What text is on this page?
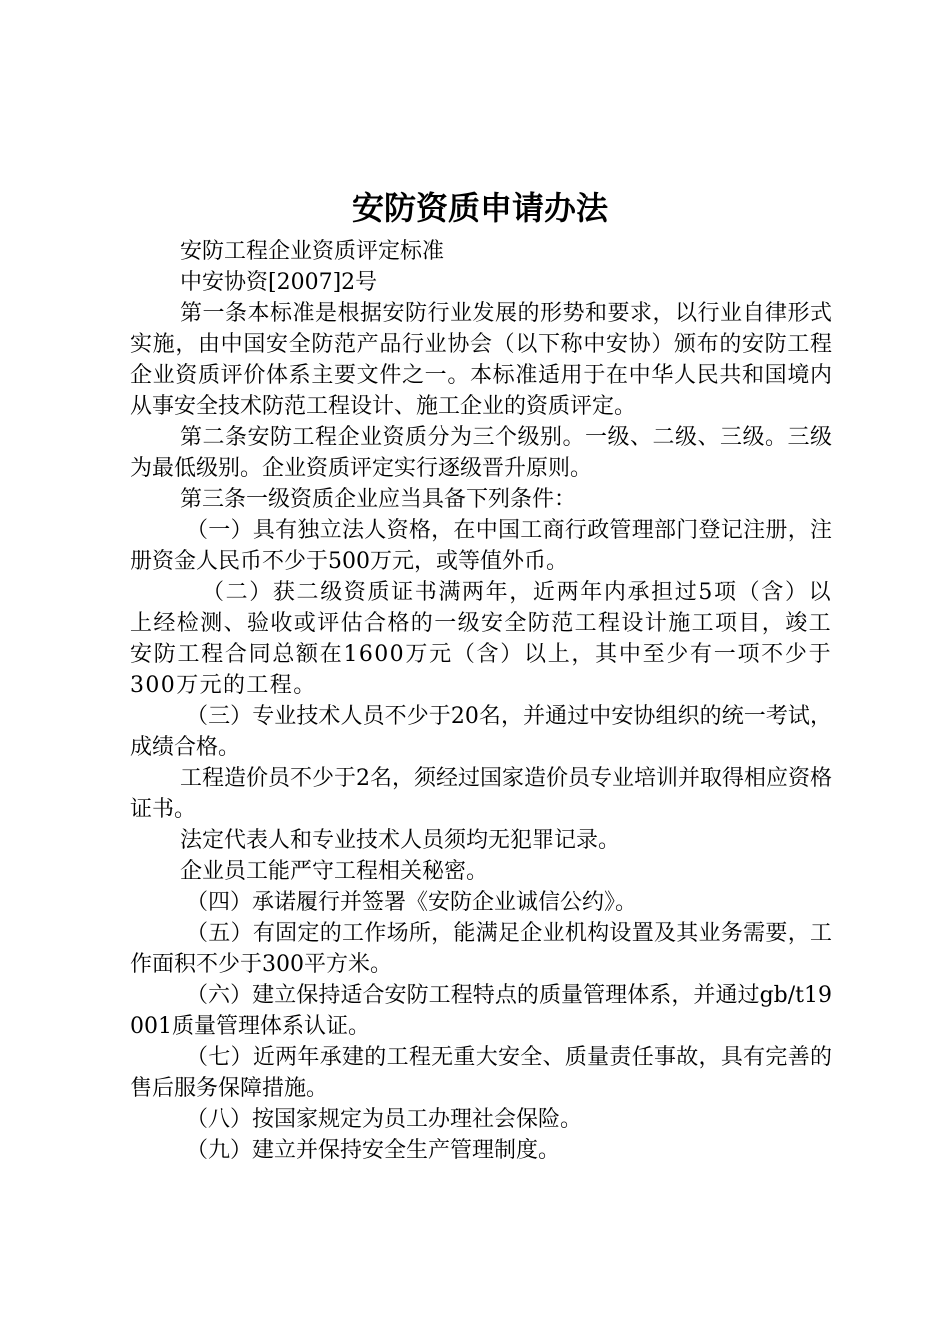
安防资质申请办法

安防工程企业资质评定标准

中安协资[2007]2号

第一条本标准是根据安防行业发展的形势和要求，以行业自律形式实施，由中国安全防范产品行业协会（以下称中安协）颁布的安防工程企业资质评价体系主要文件之一。本标准适用于在中华人民共和国境内从事安全技术防范工程设计、施工企业的资质评定。

第二条安防工程企业资质分为三个级别。一级、二级、三级。三级为最低级别。企业资质评定实行逐级晋升原则。

第三条一级资质企业应当具备下列条件：

（一）具有独立法人资格，在中国工商行政管理部门登记注册，注册资金人民币不少于500万元，或等值外币。

（二）获二级资质证书满两年，近两年内承担过5项（含）以上经检测、验收或评估合格的一级安全防范工程设计施工项目，竣工安防工程合同总额在1600万元（含）以上，其中至少有一项不少于300万元的工程。

（三）专业技术人员不少于20名，并通过中安协组织的统一考试，成绩合格。

工程造价员不少于2名，须经过国家造价员专业培训并取得相应资格证书。

法定代表人和专业技术人员须均无犯罪记录。

企业员工能严守工程相关秘密。

（四）承诺履行并签署《安防企业诚信公约》。

（五）有固定的工作场所，能满足企业机构设置及其业务需要，工作面积不少于300平方米。

（六）建立保持适合安防工程特点的质量管理体系，并通过gb/t19001质量管理体系认证。

（七）近两年承建的工程无重大安全、质量责任事故，具有完善的售后服务保障措施。

（八）按国家规定为员工办理社会保险。

（九）建立并保持安全生产管理制度。
